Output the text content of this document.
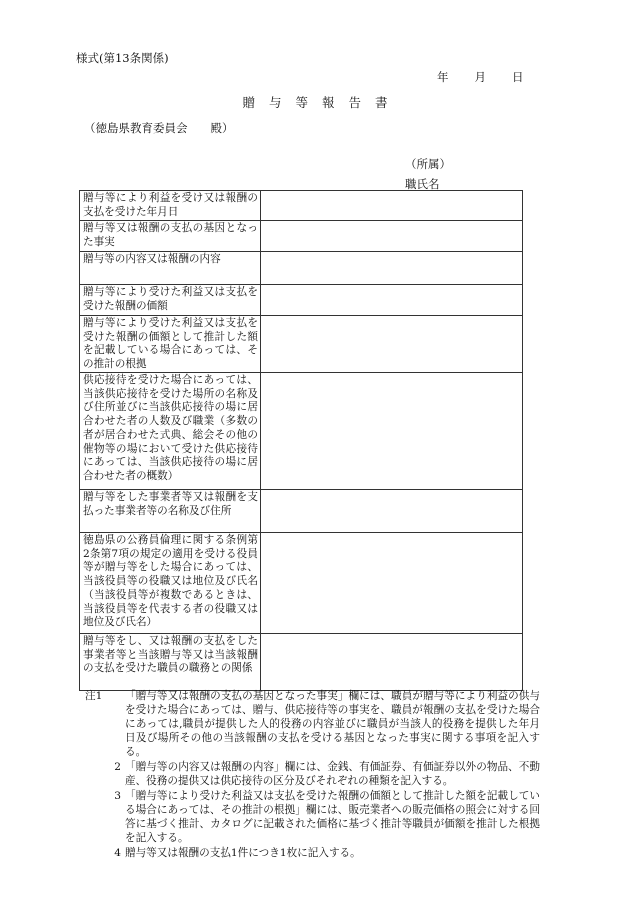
様式(第13条関係)
年 月 日
贈与等報告書
（徳島県教育委員会　　殿）
（所属）
職氏名
贈与等により利益を受け又は報酬の支払を受けた年月日	
贈与等又は報酬の支払の基因となった事実	
贈与等の内容又は報酬の内容	
贈与等により受けた利益又は支払を受けた報酬の価額	
贈与等により受けた利益又は支払を受けた報酬の価額として推計した額を記載している場合にあっては、その推計の根拠	
供応接待を受けた場合にあっては、当該供応接待を受けた場所の名称及び住所並びに当該供応接待の場に居合わせた者の人数及び職業（多数の者が居合わせた式典、総会その他の催物等の場において受けた供応接待にあっては、当該供応接待の場に居合わせた者の概数）	
贈与等をした事業者等又は報酬を支払った事業者等の名称及び住所	
徳島県の公務員倫理に関する条例第2条第7項の規定の適用を受ける役員等が贈与等をした場合にあっては、当該役員等の役職又は地位及び氏名（当該役員等が複数であるときは、当該役員等を代表する者の役職又は地位及び氏名）	
贈与等をし、又は報酬の支払をした事業者等と当該贈与等又は当該報酬の支払を受けた職員の職務との関係	
注1	「贈与等又は報酬の支払の基因となった事実」欄には、職員が贈与等により利益の供与を受けた場合にあっては、贈与、供応接待等の事実を、職員が報酬の支払を受けた場合にあっては,職員が提供した人的役務の内容並びに職員が当該人的役務を提供した年月日及び場所その他の当該報酬の支払を受ける基因となった事実に関する事項を記入する。
2 「贈与等の内容又は報酬の内容」欄には、金銭、有価証券、有価証券以外の物品、不動産、役務の提供又は供応接待の区分及びそれぞれの種類を記入する。
3 「贈与等により受けた利益又は支払を受けた報酬の価額として推計した額を記載している場合にあっては、その推計の根拠」欄には、販売業者への販売価格の照会に対する回答に基づく推計、カタログに記載された価格に基づく推計等職員が価額を推計した根拠を記入する。
4 贈与等又は報酬の支払1件につき1枚に記入する。
